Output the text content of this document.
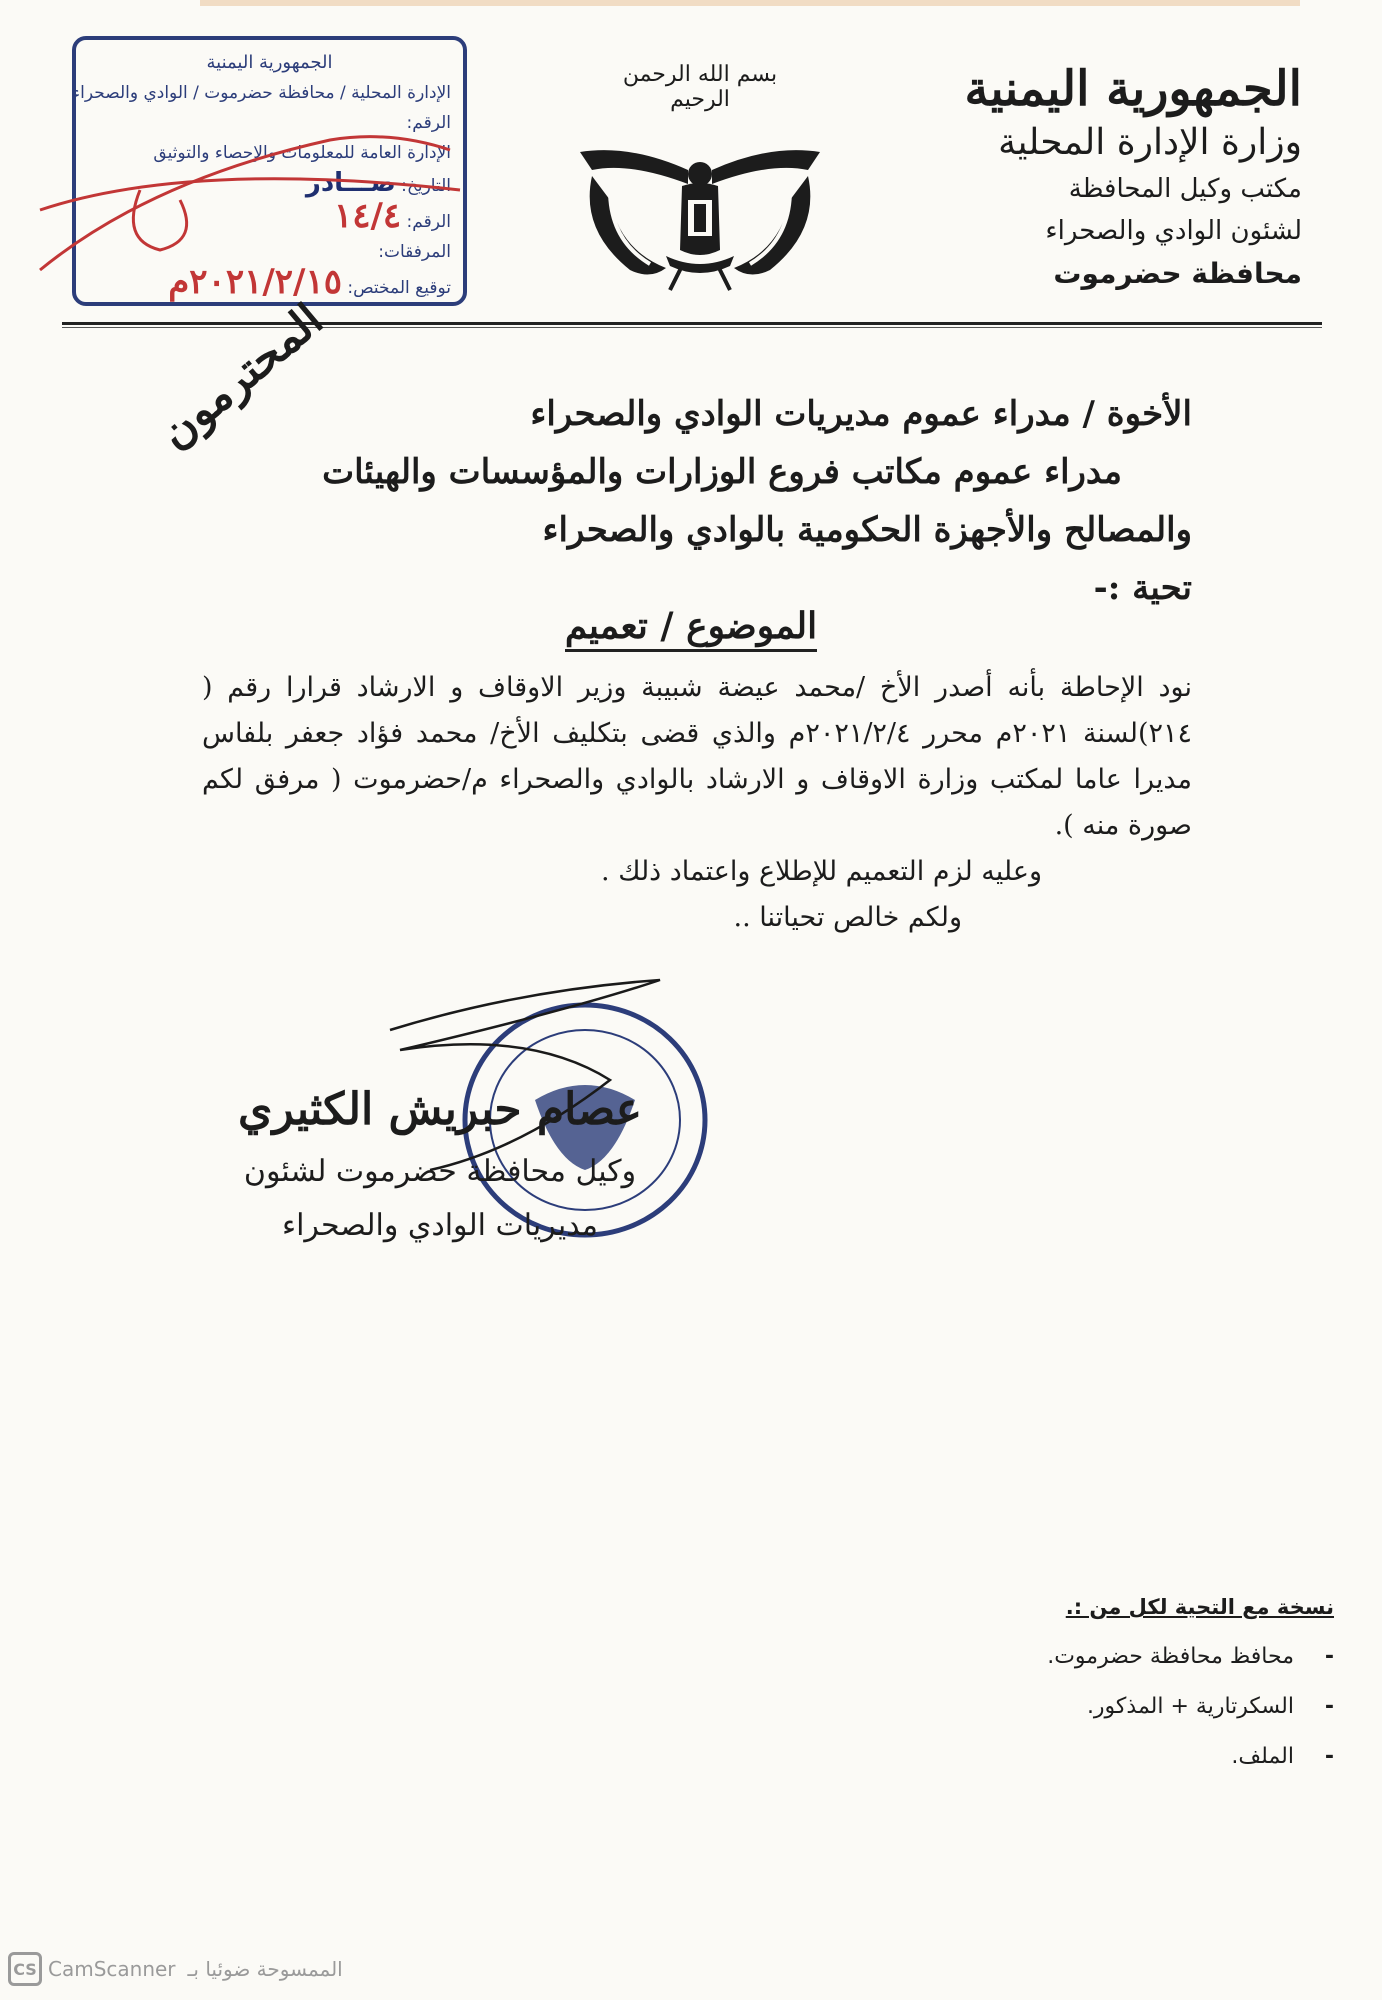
الجمهورية اليمنية
وزارة الإدارة المحلية
مكتب وكيل المحافظة
لشئون الوادي والصحراء
محافظة حضرموت
بسم الله الرحمن الرحيم
الجمهورية اليمنية
الإدارة المحلية / محافظة حضرموت / الوادي والصحراء
الرقم:
الإدارة العامة للمعلومات والإحصاء والتوثيق
التاريخ: صـــادر
الرقم: ١٤/٤
المرفقات:
توقيع المختص: ٢٠٢١/٢/١٥م
الأخوة / مدراء عموم مديريات الوادي والصحراء
مدراء عموم مكاتب فروع الوزارات والمؤسسات والهيئات
والمصالح والأجهزة الحكومية بالوادي والصحراء
تحية :-
المحترمون
الموضوع / تعميم

نود الإحاطة بأنه أصدر الأخ /محمد عيضة شبيبة وزير الاوقاف و الارشاد قرارا رقم ( ٢١٤)لسنة ٢٠٢١م محرر ٢٠٢١/٢/٤م والذي قضى بتكليف الأخ/ محمد فؤاد جعفر بلفاس مديرا عاما لمكتب وزارة الاوقاف و الارشاد بالوادي والصحراء م/حضرموت ( مرفق لكم صورة منه ).

وعليه لزم التعميم للإطلاع واعتماد ذلك .

ولكم خالص تحياتنا ..

عصام حبريش الكثيري
وكيل محافظة حضرموت لشئون
مديريات الوادي والصحراء
نسخة مع التحية لكل من :.
-
محافظ محافظة حضرموت.
-
السكرتارية + المذكور.
-
الملف.
CS CamScanner الممسوحة ضوئيا بـ
